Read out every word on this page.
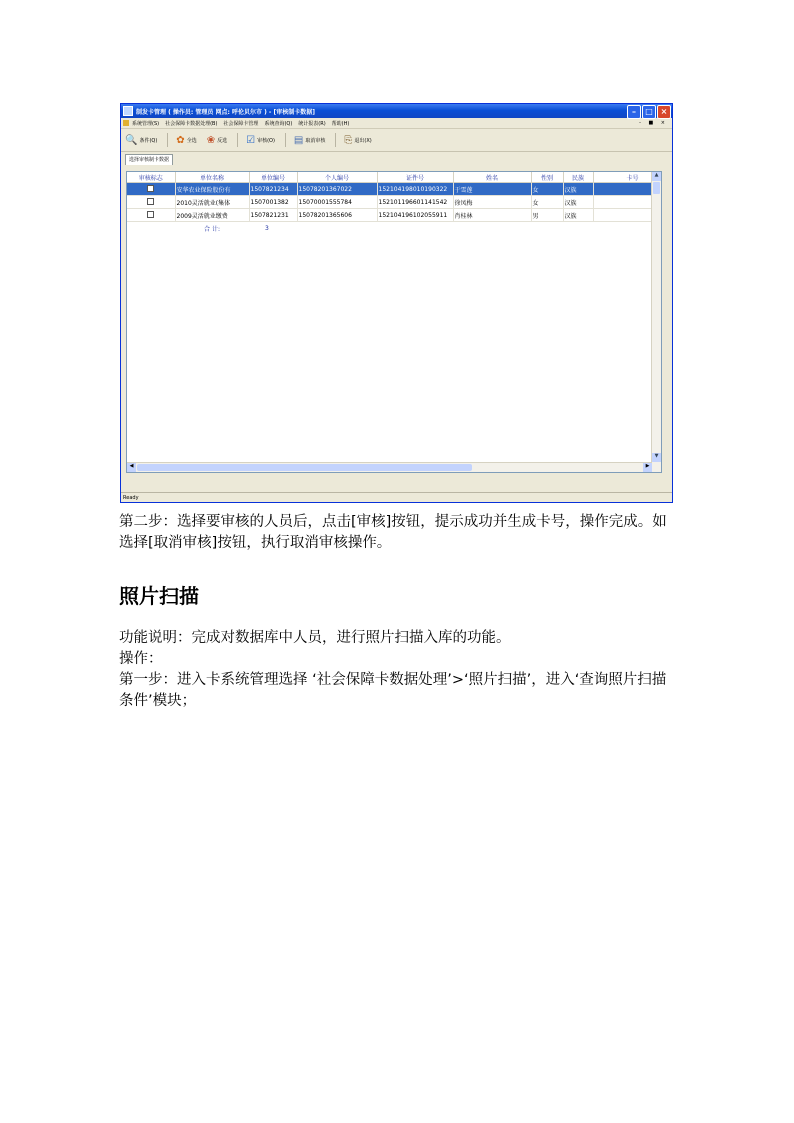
制发卡管理 ( 操作员: 管理员 网点: 呼伦贝尔市 ) - [审核制卡数据]	–	□ ×
系统管理(S) 社会保障卡数据处理(B) 社会保障卡管理 系统查询(Q) 统计报表(R) 帮助(H)	- ■ ×
🔍 条件(Q) ✿ 全选 ❀ 反选 ☑ 审核(O) ▤ 取消审核 ⎘ 退出(X)
选择审核制卡数据
审核标志	单位名称	单位编号	个人编号	证件号	姓名	性别	民族	卡号
	安华农业保险股份有	1507821234	15078201367022	152104198010190322	于雪莲	女	汉族	
	2010灵活就业(集体	1507001382	15070001555784	152101196601141542	徐凤梅	女	汉族	
	2009灵活就业缴费	1507821231	15078201365606	152104196102055911	肖桂林	男	汉族	
	合 计:	3						
▲
▼
◀	▶
Ready

第二步：选择要审核的人员后，点击[审核]按钮，提示成功并生成卡号，操作完成。如选择[取消审核]按钮，执行取消审核操作。

照片扫描

功能说明：完成对数据库中人员，进行照片扫描入库的功能。

操作：

第一步：进入卡系统管理选择 ‘社会保障卡数据处理’>‘照片扫描’，进入‘查询照片扫描条件’模块；
